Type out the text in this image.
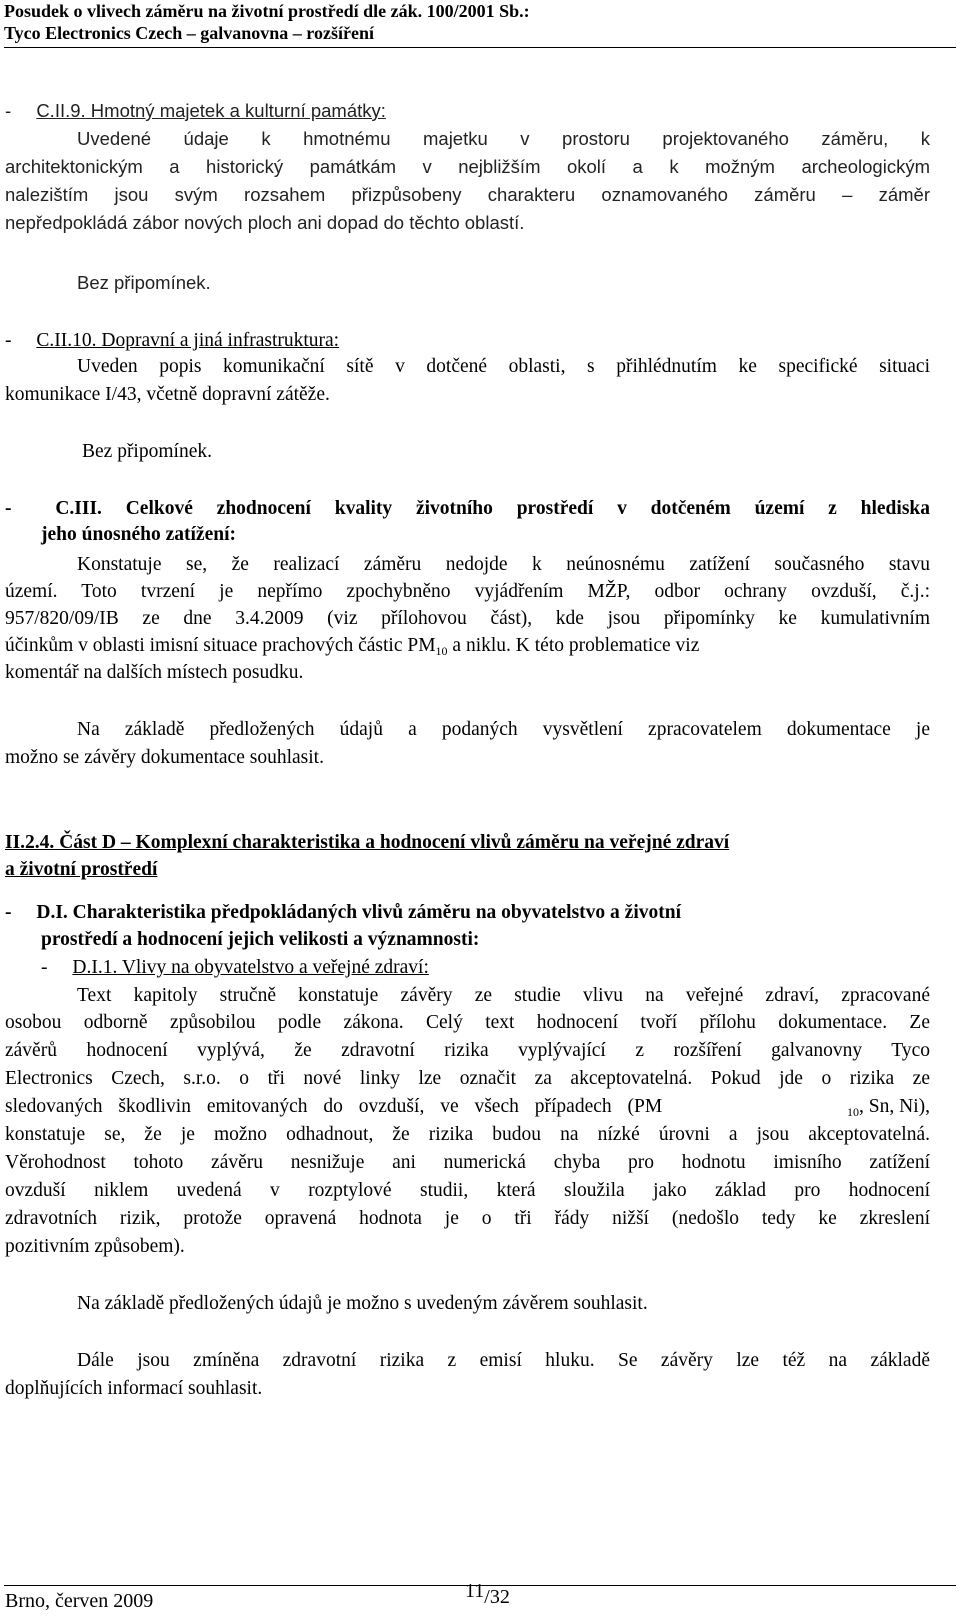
Posudek o vlivech záměru na životní prostředí dle zák. 100/2001 Sb.:
Tyco Electronics Czech – galvanovna – rozšíření
- C.II.9. Hmotný majetek a kulturní památky:
Uvedené údaje k hmotnému majetku v prostoru projektovaného záměru, k
architektonickým a historický památkám v nejbližším okolí a k možným archeologickým
nalezištím jsou svým rozsahem přizpůsobeny charakteru oznamovaného záměru – záměr
nepředpokládá zábor nových ploch ani dopad do těchto oblastí.
Bez připomínek.
- C.II.10. Dopravní a jiná infrastruktura:
Uveden popis komunikační sítě v dotčené oblasti, s přihlédnutím ke specifické situaci
komunikace I/43, včetně dopravní zátěže.
Bez připomínek.
- C.III. Celkové zhodnocení kvality životního prostředí v dotčeném území z hlediska
jeho únosného zatížení:
Konstatuje se, že realizací záměru nedojde k neúnosnému zatížení současného stavu
území. Toto tvrzení je nepřímo zpochybněno vyjádřením MŽP, odbor ochrany ovzduší, č.j.:
957/820/09/IB ze dne 3.4.2009 (viz přílohovou část), kde jsou připomínky ke kumulativním
účinkům v oblasti imisní situace prachových částic $PM_{10}$ a niklu. K této problematice viz
komentář na dalších místech posudku.
Na základě předložených údajů a podaných vysvětlení zpracovatelem dokumentace je
možno se závěry dokumentace souhlasit.
II.2.4. Část D – Komplexní charakteristika a hodnocení vlivů záměru na veřejné zdraví
a životní prostředí
- D.I. Charakteristika předpokládaných vlivů záměru na obyvatelstvo a životní
prostředí a hodnocení jejich velikosti a významnosti:
- D.I.1. Vlivy na obyvatelstvo a veřejné zdraví:
Text kapitoly stručně konstatuje závěry ze studie vlivu na veřejné zdraví, zpracované
osobou odborně způsobilou podle zákona. Celý text hodnocení tvoří přílohu dokumentace. Ze
závěrů hodnocení vyplývá, že zdravotní rizika vyplývající z rozšíření galvanovny Tyco
Electronics Czech, s.r.o. o tři nové linky lze označit za akceptovatelná. Pokud jde o rizika ze
sledovaných škodlivin emitovaných do ovzduší, ve všech případech (PM	$_{10}$, Sn, Ni),
konstatuje se, že je možno odhadnout, že rizika budou na nízké úrovni a jsou akceptovatelná.
Věrohodnost tohoto závěru nesnižuje ani numerická chyba pro hodnotu imisního zatížení
ovzduší niklem uvedená v rozptylové studii, která sloužila jako základ pro hodnocení
zdravotních rizik, protože opravená hodnota je o tři řády nižší (nedošlo tedy ke zkreslení
pozitivním způsobem).
Na základě předložených údajů je možno s uvedeným závěrem souhlasit.
Dále jsou zmíněna zdravotní rizika z emisí hluku. Se závěry lze též na základě
doplňujících informací souhlasit.
Brno, červen 2009	11/32
